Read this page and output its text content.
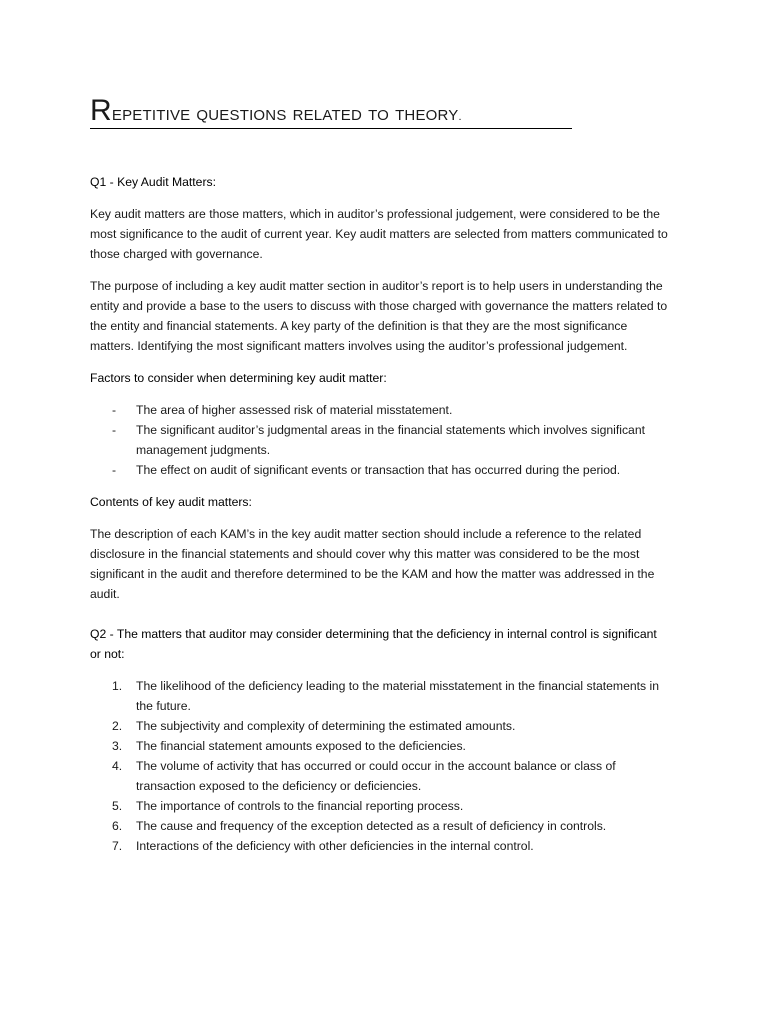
Repetitive questions related to theory.

Q1 - Key Audit Matters:

Key audit matters are those matters, which in auditor’s professional judgement, were considered to be the most significance to the audit of current year. Key audit matters are selected from matters communicated to those charged with governance.

The purpose of including a key audit matter section in auditor’s report is to help users in understanding the entity and provide a base to the users to discuss with those charged with governance the matters related to the entity and financial statements. A key party of the definition is that they are the most significance matters. Identifying the most significant matters involves using the auditor’s professional judgement.

Factors to consider when determining key audit matter:

- The area of higher assessed risk of material misstatement.
- The significant auditor’s judgmental areas in the financial statements which involves significant management judgments.
- The effect on audit of significant events or transaction that has occurred during the period.

Contents of key audit matters:

The description of each KAM’s in the key audit matter section should include a reference to the related disclosure in the financial statements and should cover why this matter was considered to be the most significant in the audit and therefore determined to be the KAM and how the matter was addressed in the audit.

Q2 - The matters that auditor may consider determining that the deficiency in internal control is significant or not:

1. The likelihood of the deficiency leading to the material misstatement in the financial statements in the future.
2. The subjectivity and complexity of determining the estimated amounts.
3. The financial statement amounts exposed to the deficiencies.
4. The volume of activity that has occurred or could occur in the account balance or class of transaction exposed to the deficiency or deficiencies.
5. The importance of controls to the financial reporting process.
6. The cause and frequency of the exception detected as a result of deficiency in controls.
7. Interactions of the deficiency with other deficiencies in the internal control.
